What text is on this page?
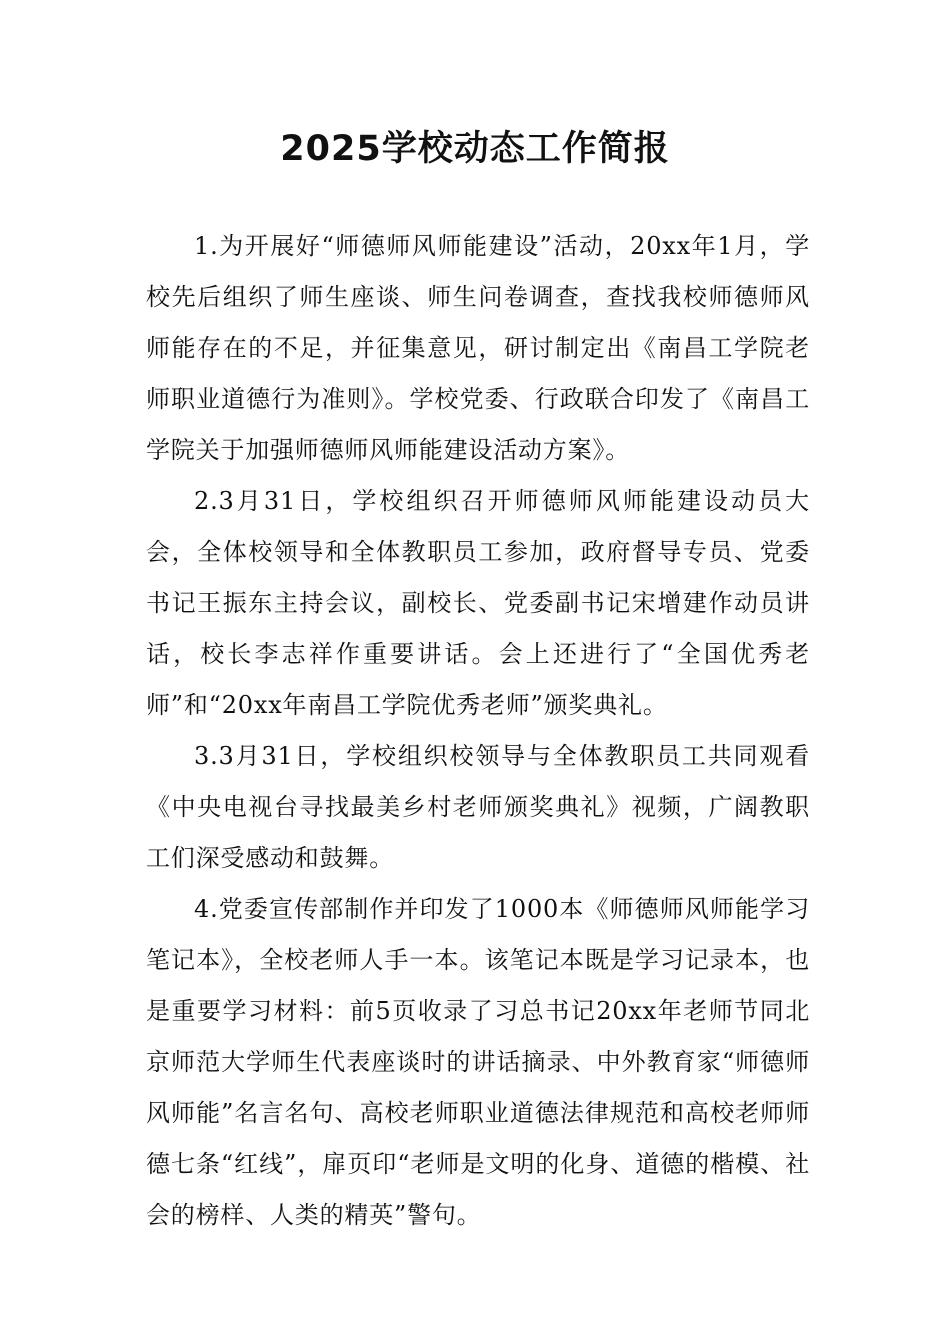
2025学校动态工作简报

1.为开展好“师德师风师能建设”活动，20xx年1月，学校先后组织了师生座谈、师生问卷调查，查找我校师德师风师能存在的不足，并征集意见，研讨制定出《南昌工学院老师职业道德行为准则》。学校党委、行政联合印发了《南昌工学院关于加强师德师风师能建设活动方案》。

2.3月31日，学校组织召开师德师风师能建设动员大会，全体校领导和全体教职员工参加，政府督导专员、党委书记王振东主持会议，副校长、党委副书记宋增建作动员讲话，校长李志祥作重要讲话。会上还进行了“全国优秀老师”和“20xx年南昌工学院优秀老师”颁奖典礼。

3.3月31日，学校组织校领导与全体教职员工共同观看《中央电视台寻找最美乡村老师颁奖典礼》视频，广阔教职工们深受感动和鼓舞。

4.党委宣传部制作并印发了1000本《师德师风师能学习笔记本》，全校老师人手一本。该笔记本既是学习记录本，也是重要学习材料：前5页收录了习总书记20xx年老师节同北京师范大学师生代表座谈时的讲话摘录、中外教育家“师德师风师能”名言名句、高校老师职业道德法律规范和高校老师师德七条“红线”，扉页印“老师是文明的化身、道德的楷模、社会的榜样、人类的精英”警句。
